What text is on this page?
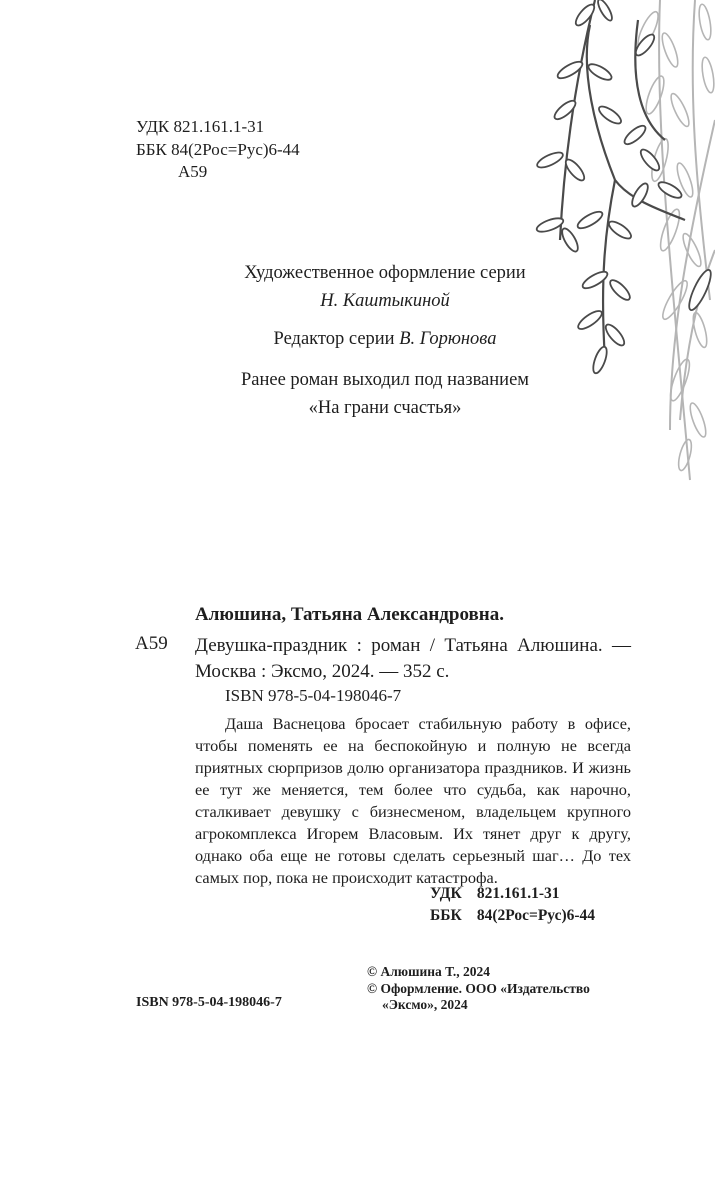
УДК 821.161.1-31
ББК 84(2Рос=Рус)6-44
А59
Художественное оформление серии
Н. Каштыкиной
Редактор серии В. Горюнова
Ранее роман выходил под названием
«На грани счастья»
Алюшина, Татьяна Александровна.
А59 Девушка-праздник : роман / Татьяна Алюшина. — Москва : Эксмо, 2024. — 352 с.
ISBN 978-5-04-198046-7

Даша Васнецова бросает стабильную работу в офисе, чтобы поменять ее на беспокойную и полную не всегда приятных сюрпризов долю организатора праздников. И жизнь ее тут же меняется, тем более что судьба, как нарочно, сталкивает девушку с бизнесменом, владельцем крупного агрокомплекса Игорем Власовым. Их тянет друг к другу, однако оба еще не готовы сделать серьезный шаг… До тех самых пор, пока не происходит катастрофа.

УДК 821.161.1-31
ББК 84(2Рос=Рус)6-44
© Алюшина Т., 2024
© Оформление. ООО «Издательство
«Эксмо», 2024
ISBN 978-5-04-198046-7
